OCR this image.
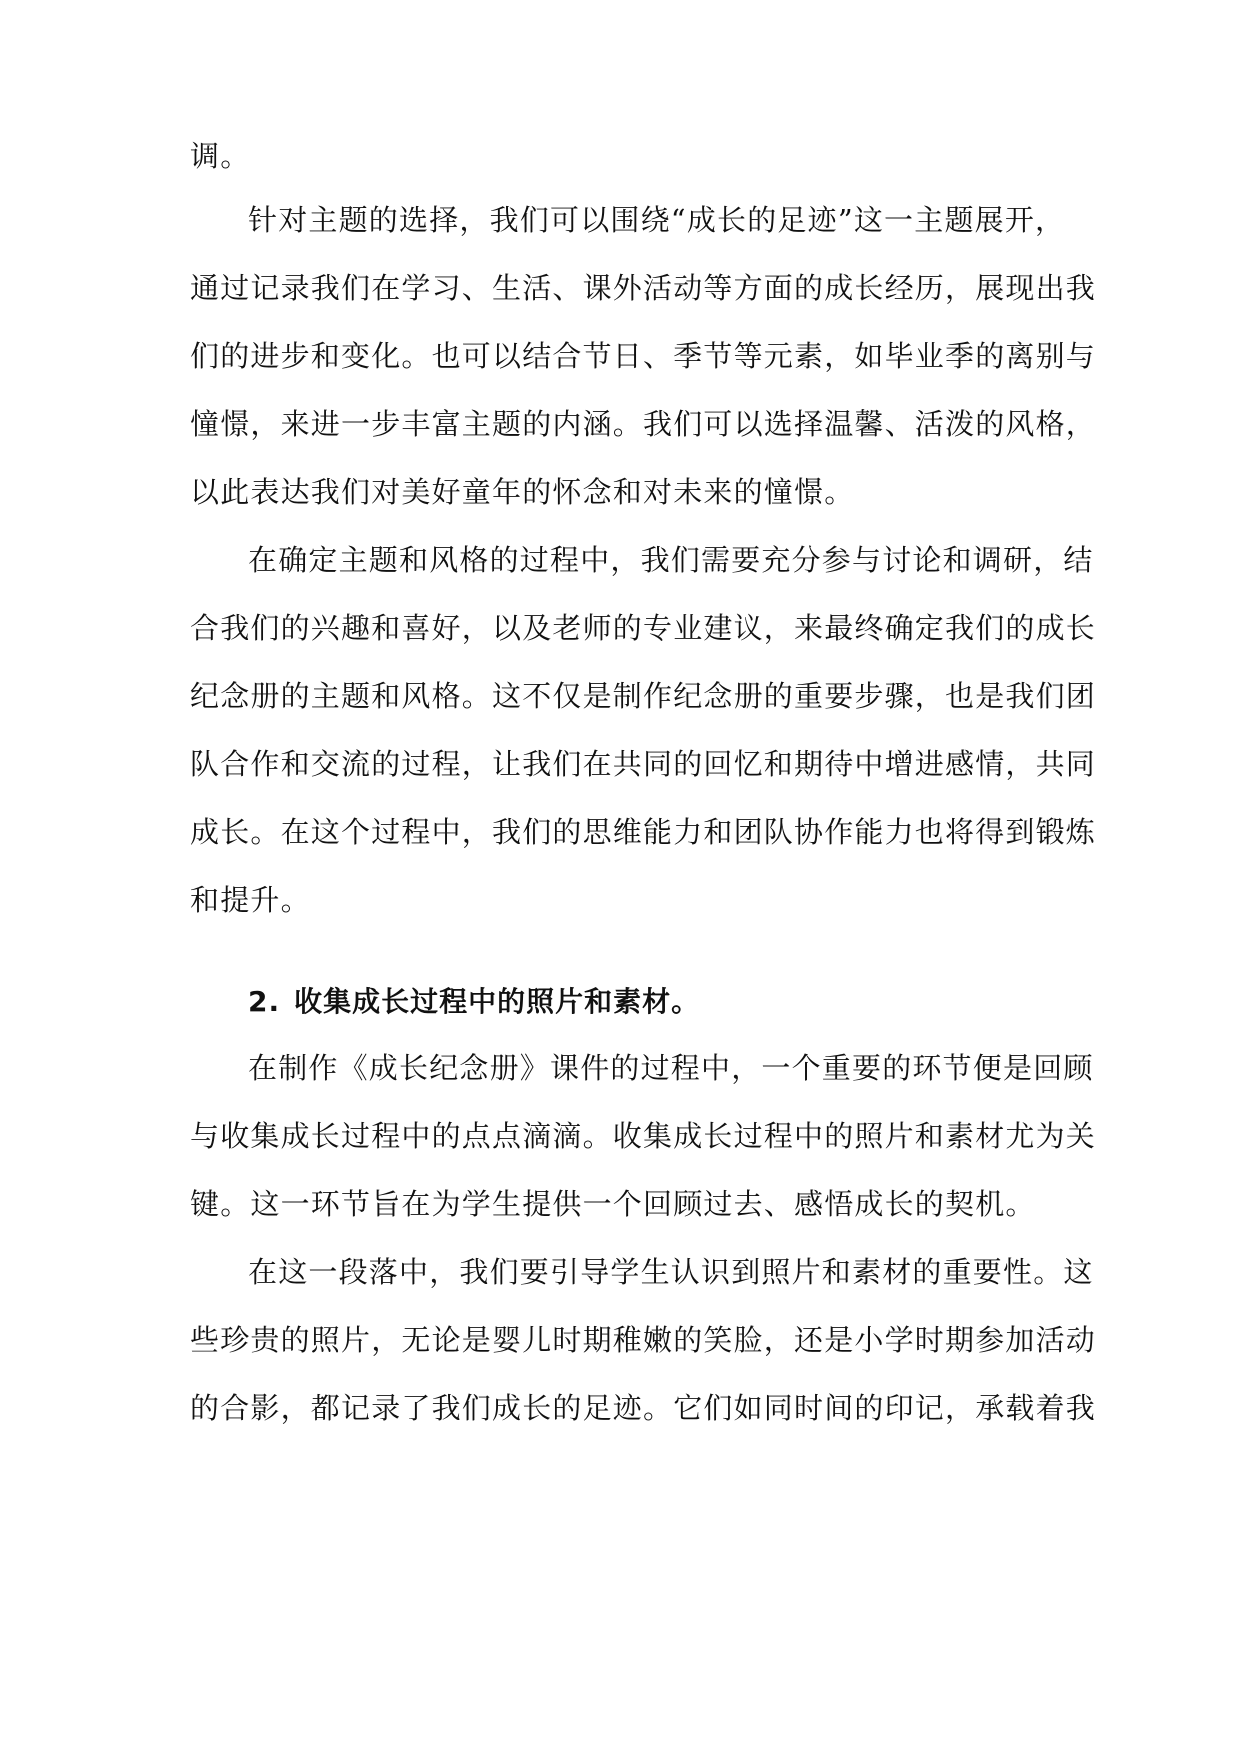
调。
针对主题的选择，我们可以围绕“成长的足迹”这一主题展开，
通过记录我们在学习、生活、课外活动等方面的成长经历，展现出我
们的进步和变化。也可以结合节日、季节等元素，如毕业季的离别与
憧憬，来进一步丰富主题的内涵。我们可以选择温馨、活泼的风格，
以此表达我们对美好童年的怀念和对未来的憧憬。
在确定主题和风格的过程中，我们需要充分参与讨论和调研，结
合我们的兴趣和喜好，以及老师的专业建议，来最终确定我们的成长
纪念册的主题和风格。这不仅是制作纪念册的重要步骤，也是我们团
队合作和交流的过程，让我们在共同的回忆和期待中增进感情，共同
成长。在这个过程中，我们的思维能力和团队协作能力也将得到锻炼
和提升。
2. 收集成长过程中的照片和素材。
在制作《成长纪念册》课件的过程中，一个重要的环节便是回顾
与收集成长过程中的点点滴滴。收集成长过程中的照片和素材尤为关
键。这一环节旨在为学生提供一个回顾过去、感悟成长的契机。
在这一段落中，我们要引导学生认识到照片和素材的重要性。这
些珍贵的照片，无论是婴儿时期稚嫩的笑脸，还是小学时期参加活动
的合影，都记录了我们成长的足迹。它们如同时间的印记，承载着我
